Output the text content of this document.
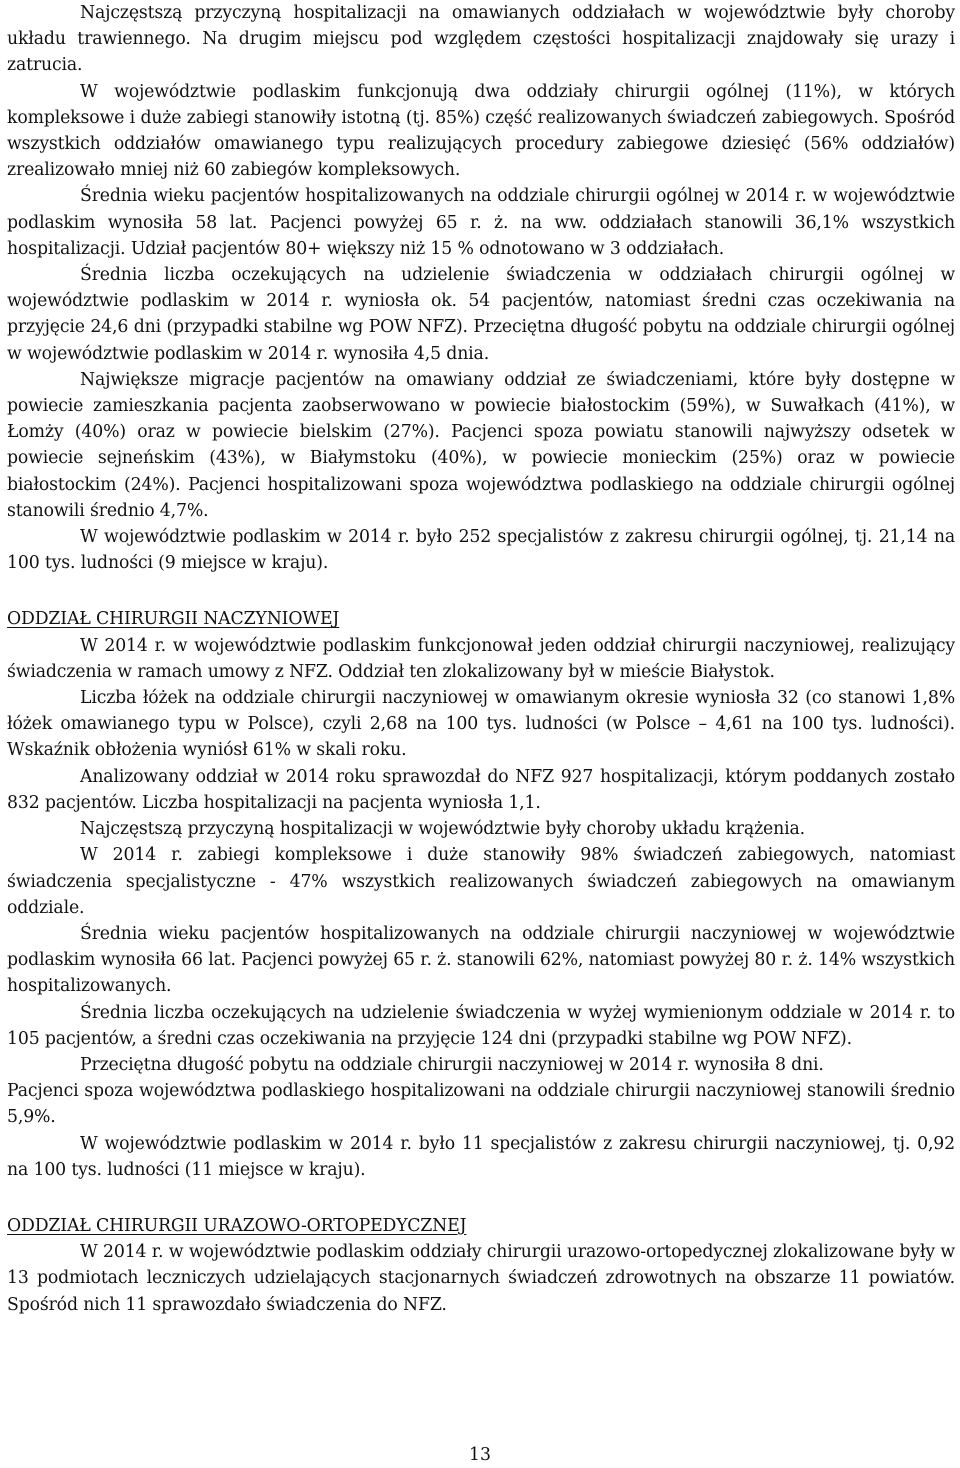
Najczęstszą przyczyną hospitalizacji na omawianych oddziałach w województwie były choroby układu trawiennego. Na drugim miejscu pod względem częstości hospitalizacji znajdowały się urazy i zatrucia.

W województwie podlaskim funkcjonują dwa oddziały chirurgii ogólnej (11%), w których kompleksowe i duże zabiegi stanowiły istotną (tj. 85%) część realizowanych świadczeń zabiegowych. Spośród wszystkich oddziałów omawianego typu realizujących procedury zabiegowe dziesięć (56% oddziałów) zrealizowało mniej niż 60 zabiegów kompleksowych.

Średnia wieku pacjentów hospitalizowanych na oddziale chirurgii ogólnej w 2014 r. w województwie podlaskim wynosiła 58 lat. Pacjenci powyżej 65 r. ż. na ww. oddziałach stanowili 36,1% wszystkich hospitalizacji. Udział pacjentów 80+ większy niż 15 % odnotowano w 3 oddziałach.

Średnia liczba oczekujących na udzielenie świadczenia w oddziałach chirurgii ogólnej w województwie podlaskim w 2014 r. wyniosła ok. 54 pacjentów, natomiast średni czas oczekiwania na przyjęcie 24,6 dni (przypadki stabilne wg POW NFZ). Przeciętna długość pobytu na oddziale chirurgii ogólnej w województwie podlaskim w 2014 r. wynosiła 4,5 dnia.

Największe migracje pacjentów na omawiany oddział ze świadczeniami, które były dostępne w powiecie zamieszkania pacjenta zaobserwowano w powiecie białostockim (59%), w Suwałkach (41%), w Łomży (40%) oraz w powiecie bielskim (27%). Pacjenci spoza powiatu stanowili najwyższy odsetek w powiecie sejneńskim (43%), w Białymstoku (40%), w powiecie monieckim (25%) oraz w powiecie białostockim (24%). Pacjenci hospitalizowani spoza województwa podlaskiego na oddziale chirurgii ogólnej stanowili średnio 4,7%.

W województwie podlaskim w 2014 r. było 252 specjalistów z zakresu chirurgii ogólnej, tj. 21,14 na 100 tys. ludności (9 miejsce w kraju).

ODDZIAŁ CHIRURGII NACZYNIOWEJ

W 2014 r. w województwie podlaskim funkcjonował jeden oddział chirurgii naczyniowej, realizujący świadczenia w ramach umowy z NFZ. Oddział ten zlokalizowany był w mieście Białystok.

Liczba łóżek na oddziale chirurgii naczyniowej w omawianym okresie wyniosła 32 (co stanowi 1,8% łóżek omawianego typu w Polsce), czyli 2,68 na 100 tys. ludności (w Polsce – 4,61 na 100 tys. ludności). Wskaźnik obłożenia wyniósł 61% w skali roku.

Analizowany oddział w 2014 roku sprawozdał do NFZ 927 hospitalizacji, którym poddanych zostało 832 pacjentów. Liczba hospitalizacji na pacjenta wyniosła 1,1.

Najczęstszą przyczyną hospitalizacji w województwie były choroby układu krążenia.

W 2014 r. zabiegi kompleksowe i duże stanowiły 98% świadczeń zabiegowych, natomiast świadczenia specjalistyczne - 47% wszystkich realizowanych świadczeń zabiegowych na omawianym oddziale.

Średnia wieku pacjentów hospitalizowanych na oddziale chirurgii naczyniowej w województwie podlaskim wynosiła 66 lat. Pacjenci powyżej 65 r. ż. stanowili 62%, natomiast powyżej 80 r. ż. 14% wszystkich hospitalizowanych.

Średnia liczba oczekujących na udzielenie świadczenia w wyżej wymienionym oddziale w 2014 r. to 105 pacjentów, a średni czas oczekiwania na przyjęcie 124 dni (przypadki stabilne wg POW NFZ).

Przeciętna długość pobytu na oddziale chirurgii naczyniowej w 2014 r. wynosiła 8 dni.

Pacjenci spoza województwa podlaskiego hospitalizowani na oddziale chirurgii naczyniowej stanowili średnio 5,9%.

W województwie podlaskim w 2014 r. było 11 specjalistów z zakresu chirurgii naczyniowej, tj. 0,92 na 100 tys. ludności (11 miejsce w kraju).

ODDZIAŁ CHIRURGII URAZOWO-ORTOPEDYCZNEJ

W 2014 r. w województwie podlaskim oddziały chirurgii urazowo-ortopedycznej zlokalizowane były w 13 podmiotach leczniczych udzielających stacjonarnych świadczeń zdrowotnych na obszarze 11 powiatów. Spośród nich 11 sprawozdało świadczenia do NFZ.

13
